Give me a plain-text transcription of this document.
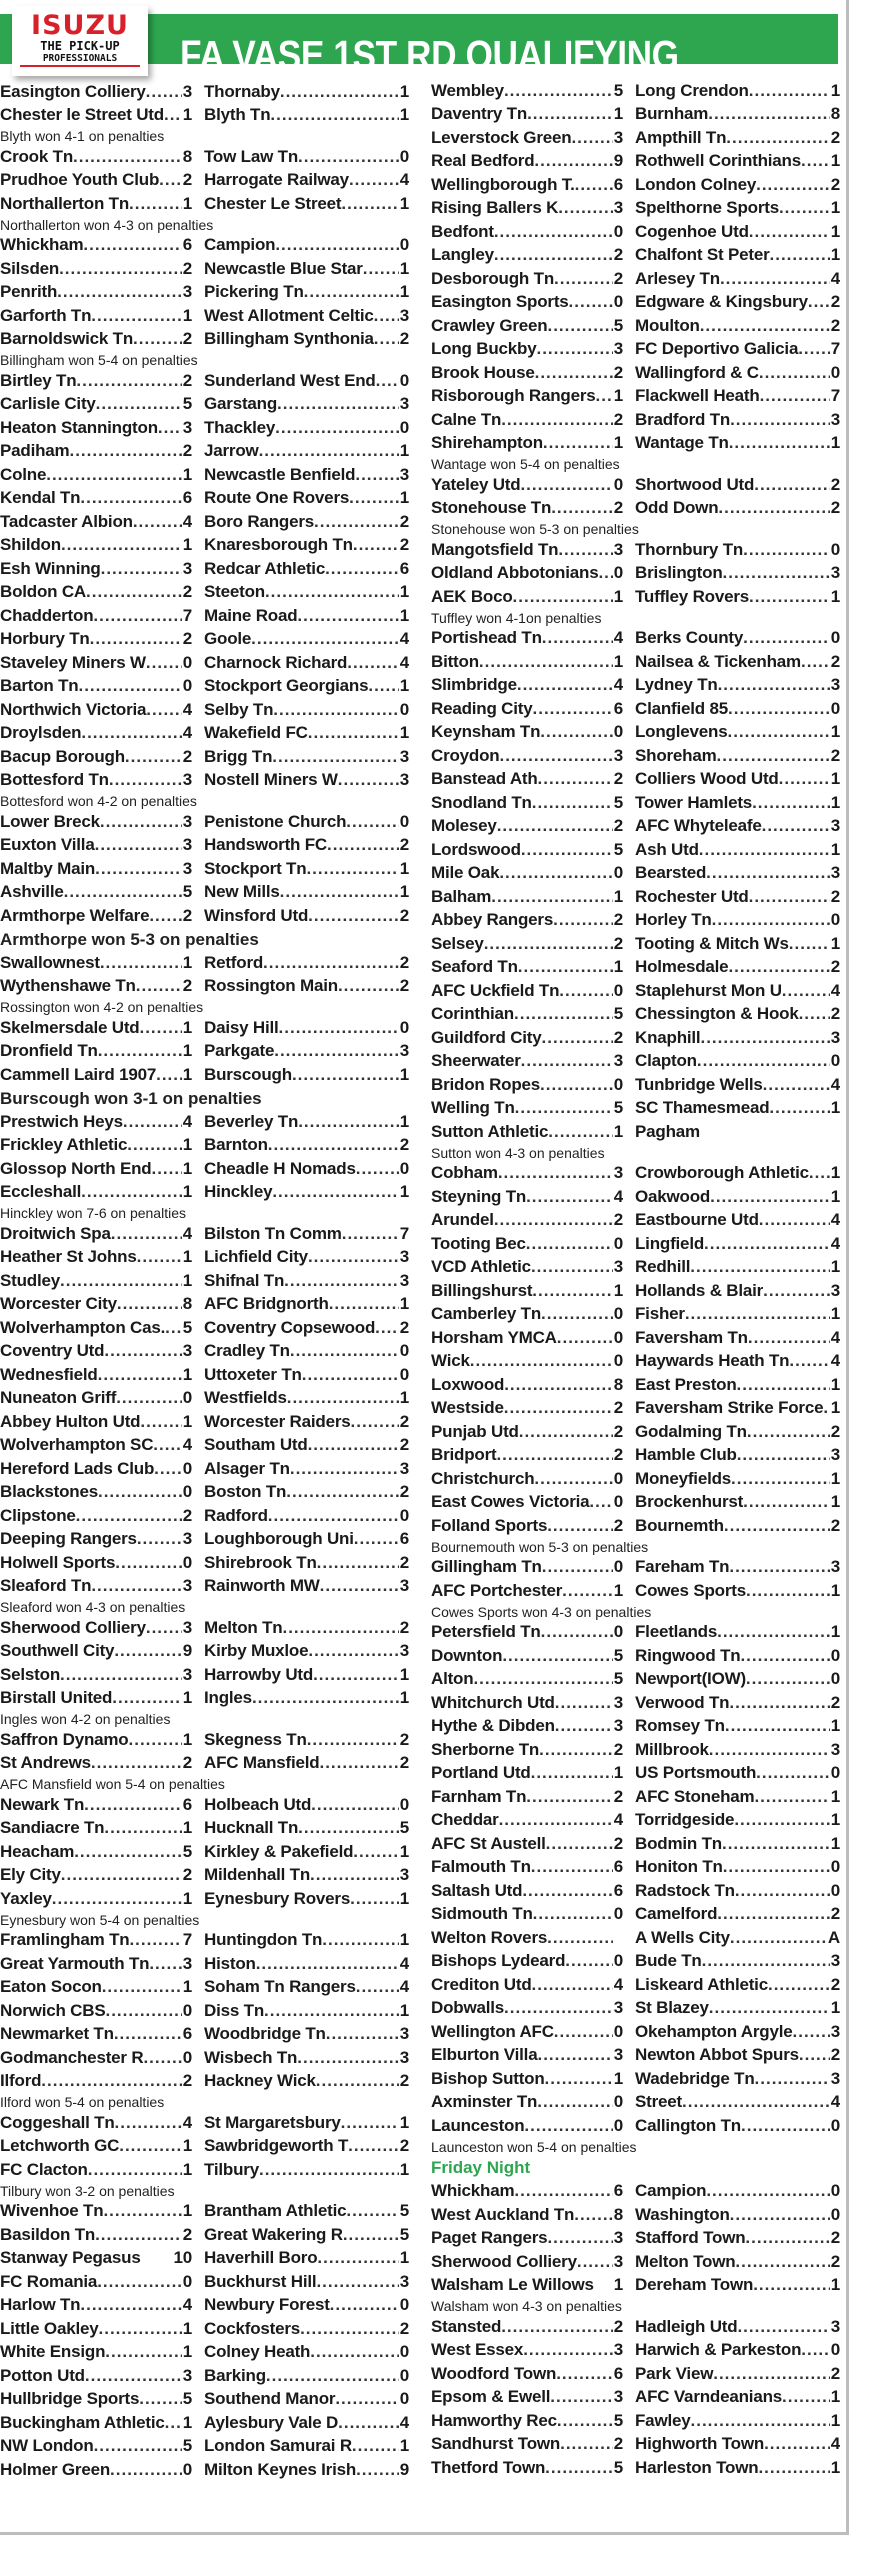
FA VASE 1ST RD QUALIFYING
ISUZU
THE PICK-UP
PROFESSIONALS
Easington Colliery ..... 3 Thornaby .....	1
Chester le Street Utd ..... 1 Blyth Tn .....	1
Blyth won 4-1 on penalties
Crook Tn .....	8 Tow Law Tn .....	0
Prudhoe Youth Club ..... 2 Harrogate Railway .....	4
Northallerton Tn .....	1 Chester Le Street .....	1
Northallerton won 4-3 on penalties
Whickham .....	6 Campion .....	0
Silsden .....	2 Newcastle Blue Star ..... 1
Penrith .....	3 Pickering Tn .....	1
Garforth Tn .....	1 West Allotment Celtic ..... 3
Barnoldswick Tn .....	2 Billingham Synthonia ..... 2
Billingham won 5-4 on penalties
Birtley Tn .....	2 Sunderland West End ..... 0
Carlisle City .....	5 Garstang .....	3
Heaton Stannington ..... 3 Thackley .....	0
Padiham .....	2 Jarrow .....	1
Colne .....	1 Newcastle Benfield .....	3
Kendal Tn .....	6 Route One Rovers .....	1
Tadcaster Albion .....	4 Boro Rangers .....	2
Shildon .....	1 Knaresborough Tn .....	2
Esh Winning .....	3 Redcar Athletic .....	6
Boldon CA .....	2 Steeton .....	1
Chadderton .....	7 Maine Road .....	1
Horbury Tn .....	2 Goole .....	4
Staveley Miners W ..... 0 Charnock Richard .....	4
Barton Tn .....	0 Stockport Georgians ..... 1
Northwich Victoria ..... 4 Selby Tn .....	0
Droylsden .....	4 Wakefield FC .....	1
Bacup Borough .....	2 Brigg Tn .....	3
Bottesford Tn .....	3 Nostell Miners W .....	3
Bottesford won 4-2 on penalties
Lower Breck .....	3 Penistone Church .....	0
Euxton Villa .....	3 Handsworth FC .....	2
Maltby Main .....	3 Stockport Tn .....	1
Ashville .....	5 New Mills .....	1
Armthorpe Welfare ..... 2 Winsford Utd .....	2
Armthorpe won 5-3 on penalties
Swallownest .....	1 Retford .....	2
Wythenshawe Tn .....	2 Rossington Main .....	2
Rossington won 4-2 on penalties
Skelmersdale Utd .....	1 Daisy Hill .....	0
Dronfield Tn .....	1 Parkgate .....	3
Cammell Laird 1907 ..... 1 Burscough .....	1
Burscough won 3-1 on penalties
Prestwich Heys .....	4 Beverley Tn .....	1
Frickley Athletic .....	1 Barnton .....	2
Glossop North End ..... 1 Cheadle H Nomads .....	0
Eccleshall .....	1 Hinckley .....	1
Hinckley won 7-6 on penalties
Droitwich Spa .....	4 Bilston Tn Comm .....	7
Heather St Johns .....	1 Lichfield City .....	3
Studley .....	1 Shifnal Tn .....	3
Worcester City .....	8 AFC Bridgnorth .....	1
Wolverhampton Cas. ..... 5 Coventry Copsewood ..... 2
Coventry Utd .....	3 Cradley Tn .....	0
Wednesfield .....	1 Uttoxeter Tn .....	0
Nuneaton Griff .....	0 Westfields .....	1
Abbey Hulton Utd ..... 1 Worcester Raiders .....	2
Wolverhampton SC ..... 4 Southam Utd .....	2
Hereford Lads Club ..... 0 Alsager Tn .....	3
Blackstones .....	0 Boston Tn .....	2
Clipstone .....	2 Radford .....	0
Deeping Rangers .....	3 Loughborough Uni .....	6
Holwell Sports .....	0 Shirebrook Tn .....	2
Sleaford Tn .....	3 Rainworth MW .....	3
Sleaford won 4-3 on penalties
Sherwood Colliery ..... 3 Melton Tn .....	2
Southwell City .....	9 Kirby Muxloe .....	3
Selston .....	3 Harrowby Utd .....	1
Birstall United .....	1 Ingles .....	1
Ingles won 4-2 on penalties
Saffron Dynamo .....	1 Skegness Tn .....	2
St Andrews .....	2 AFC Mansfield .....	2
AFC Mansfield won 5-4 on penalties
Newark Tn .....	6 Holbeach Utd .....	0
Sandiacre Tn .....	1 Hucknall Tn .....	5
Heacham .....	5 Kirkley & Pakefield .....	1
Ely City .....	2 Mildenhall Tn .....	3
Yaxley .....	1 Eynesbury Rovers .....	1
Eynesbury won 5-4 on penalties
Framlingham Tn .....	7 Huntingdon Tn .....	1
Great Yarmouth Tn ..... 3 Histon .....	4
Eaton Socon .....	1 Soham Tn Rangers .....	4
Norwich CBS .....	0 Diss Tn .....	1
Newmarket Tn .....	6 Woodbridge Tn .....	3
Godmanchester R ..... 0 Wisbech Tn .....	3
Ilford .....	2 Hackney Wick .....	2
Ilford won 5-4 on penalties
Coggeshall Tn .....	4 St Margaretsbury .....	1
Letchworth GC .....	1 Sawbridgeworth T .....	2
FC Clacton .....	1 Tilbury .....	1
Tilbury won 3-2 on penalties
Wivenhoe Tn .....	1 Brantham Athletic .....	5
Basildon Tn .....	2 Great Wakering R .....	5
Stanway Pegasus 10 Haverhill Boro .....	1
FC Romania .....	0 Buckhurst Hill .....	3
Harlow Tn .....	4 Newbury Forest .....	0
Little Oakley .....	1 Cockfosters .....	2
White Ensign .....	1 Colney Heath .....	0
Potton Utd .....	3 Barking .....	0
Hullbridge Sports .....	5 Southend Manor .....	0
Buckingham Athletic ..... 1 Aylesbury Vale D .....	4
NW London .....	5 London Samurai R .....	1
Holmer Green .....	0 Milton Keynes Irish .....	9
Wembley .....	5 Long Crendon .....	1
Daventry Tn .....	1 Burnham .....	8
Leverstock Green ..... 3 Ampthill Tn .....	2
Real Bedford .....	9 Rothwell Corinthians ..... 1
Wellingborough T. ..... 6 London Colney .....	2
Rising Ballers K .....	3 Spelthorne Sports .....	1
Bedfont .....	0 Cogenhoe Utd .....	1
Langley .....	2 Chalfont St Peter .....	1
Desborough Tn .....	2 Arlesey Tn .....	4
Easington Sports .....	0 Edgware & Kingsbury ..... 2
Crawley Green .....	5 Moulton .....	2
Long Buckby .....	3 FC Deportivo Galicia ..... 7
Brook House .....	2 Wallingford & C .....	0
Risborough Rangers ..... 1 Flackwell Heath .....	7
Calne Tn .....	2 Bradford Tn .....	3
Shirehampton .....	1 Wantage Tn .....	1
Wantage won 5-4 on penalties
Yateley Utd .....	0 Shortwood Utd .....	2
Stonehouse Tn .....	2 Odd Down .....	2
Stonehouse won 5-3 on penalties
Mangotsfield Tn .....	3 Thornbury Tn .....	0
Oldland Abbotonians ..... 0 Brislington .....	3
AEK Boco .....	1 Tuffley Rovers .....	1
Tuffley won 4-1on penalties
Portishead Tn .....	4 Berks County .....	0
Bitton .....	1 Nailsea & Tickenham ..... 2
Slimbridge .....	4 Lydney Tn .....	3
Reading City .....	6 Clanfield 85 .....	0
Keynsham Tn .....	0 Longlevens .....	1
Croydon .....	3 Shoreham .....	2
Banstead Ath .....	2 Colliers Wood Utd .....	1
Snodland Tn .....	5 Tower Hamlets .....	1
Molesey .....	2 AFC Whyteleafe .....	3
Lordswood .....	5 Ash Utd .....	1
Mile Oak .....	0 Bearsted .....	3
Balham .....	1 Rochester Utd .....	2
Abbey Rangers .....	2 Horley Tn .....	0
Selsey .....	2 Tooting & Mitch Ws ..... 1
Seaford Tn .....	1 Holmesdale .....	2
AFC Uckfield Tn .....	0 Staplehurst Mon U .....	4
Corinthian .....	5 Chessington & Hook ..... 2
Guildford City .....	2 Knaphill .....	3
Sheerwater .....	3 Clapton .....	0
Bridon Ropes .....	0 Tunbridge Wells .....	4
Welling Tn .....	5 SC Thamesmead .....	1
Sutton Athletic .....	1 Pagham
Sutton won 4-3 on penalties
Cobham .....	3 Crowborough Athletic ..... 1
Steyning Tn .....	4 Oakwood .....	1
Arundel .....	2 Eastbourne Utd .....	4
Tooting Bec .....	0 Lingfield .....	4
VCD Athletic .....	3 Redhill .....	1
Billingshurst .....	1 Hollands & Blair .....	3
Camberley Tn .....	0 Fisher .....	1
Horsham YMCA .....	0 Faversham Tn .....	4
Wick .....	0 Haywards Heath Tn ..... 4
Loxwood .....	8 East Preston .....	1
Westside .....	2 Faversham Strike Force ..... 1
Punjab Utd .....	2 Godalming Tn .....	2
Bridport .....	2 Hamble Club .....	3
Christchurch .....	0 Moneyfields .....	1
East Cowes Victoria ..... 0 Brockenhurst .....	1
Folland Sports .....	2 Bournemth .....	2
Bournemouth won 5-3 on penalties
Gillingham Tn .....	0 Fareham Tn .....	3
AFC Portchester .....	1 Cowes Sports .....	1
Cowes Sports won 4-3 on penalties
Petersfield Tn .....	0 Fleetlands .....	1
Downton .....	5 Ringwood Tn .....	0
Alton .....	5 Newport(IOW) .....	0
Whitchurch Utd .....	3 Verwood Tn .....	2
Hythe & Dibden .....	3 Romsey Tn .....	1
Sherborne Tn .....	2 Millbrook .....	3
Portland Utd .....	1 US Portsmouth .....	0
Farnham Tn .....	2 AFC Stoneham .....	1
Cheddar .....	4 Torridgeside .....	1
AFC St Austell .....	2 Bodmin Tn .....	1
Falmouth Tn .....	6 Honiton Tn .....	0
Saltash Utd .....	6 Radstock Tn .....	0
Sidmouth Tn .....	0 Camelford .....	2
Welton Rovers .....	A Wells City .....	A
Bishops Lydeard .....	0 Bude Tn .....	3
Crediton Utd .....	4 Liskeard Athletic .....	2
Dobwalls .....	3 St Blazey .....	1
Wellington AFC .....	0 Okehampton Argyle ..... 3
Elburton Villa .....	3 Newton Abbot Spurs ..... 2
Bishop Sutton .....	1 Wadebridge Tn .....	3
Axminster Tn .....	0 Street .....	4
Launceston .....	0 Callington Tn .....	0
Launceston won 5-4 on penalties
Friday Night
Whickham .....	6 Campion .....	0
West Auckland Tn ..... 8 Washington .....	0
Paget Rangers .....	3 Stafford Town .....	2
Sherwood Colliery ..... 3 Melton Town .....	2
Walsham Le Willows 1 Dereham Town .....	1
Walsham won 4-3 on penalties
Stansted .....	2 Hadleigh Utd .....	3
West Essex .....	3 Harwich & Parkeston ..... 0
Woodford Town .....	6 Park View .....	2
Epsom & Ewell .....	3 AFC Varndeanians .....	1
Hamworthy Rec .....	5 Fawley .....	1
Sandhurst Town .....	2 Highworth Town .....	4
Thetford Town .....	5 Harleston Town .....	1
